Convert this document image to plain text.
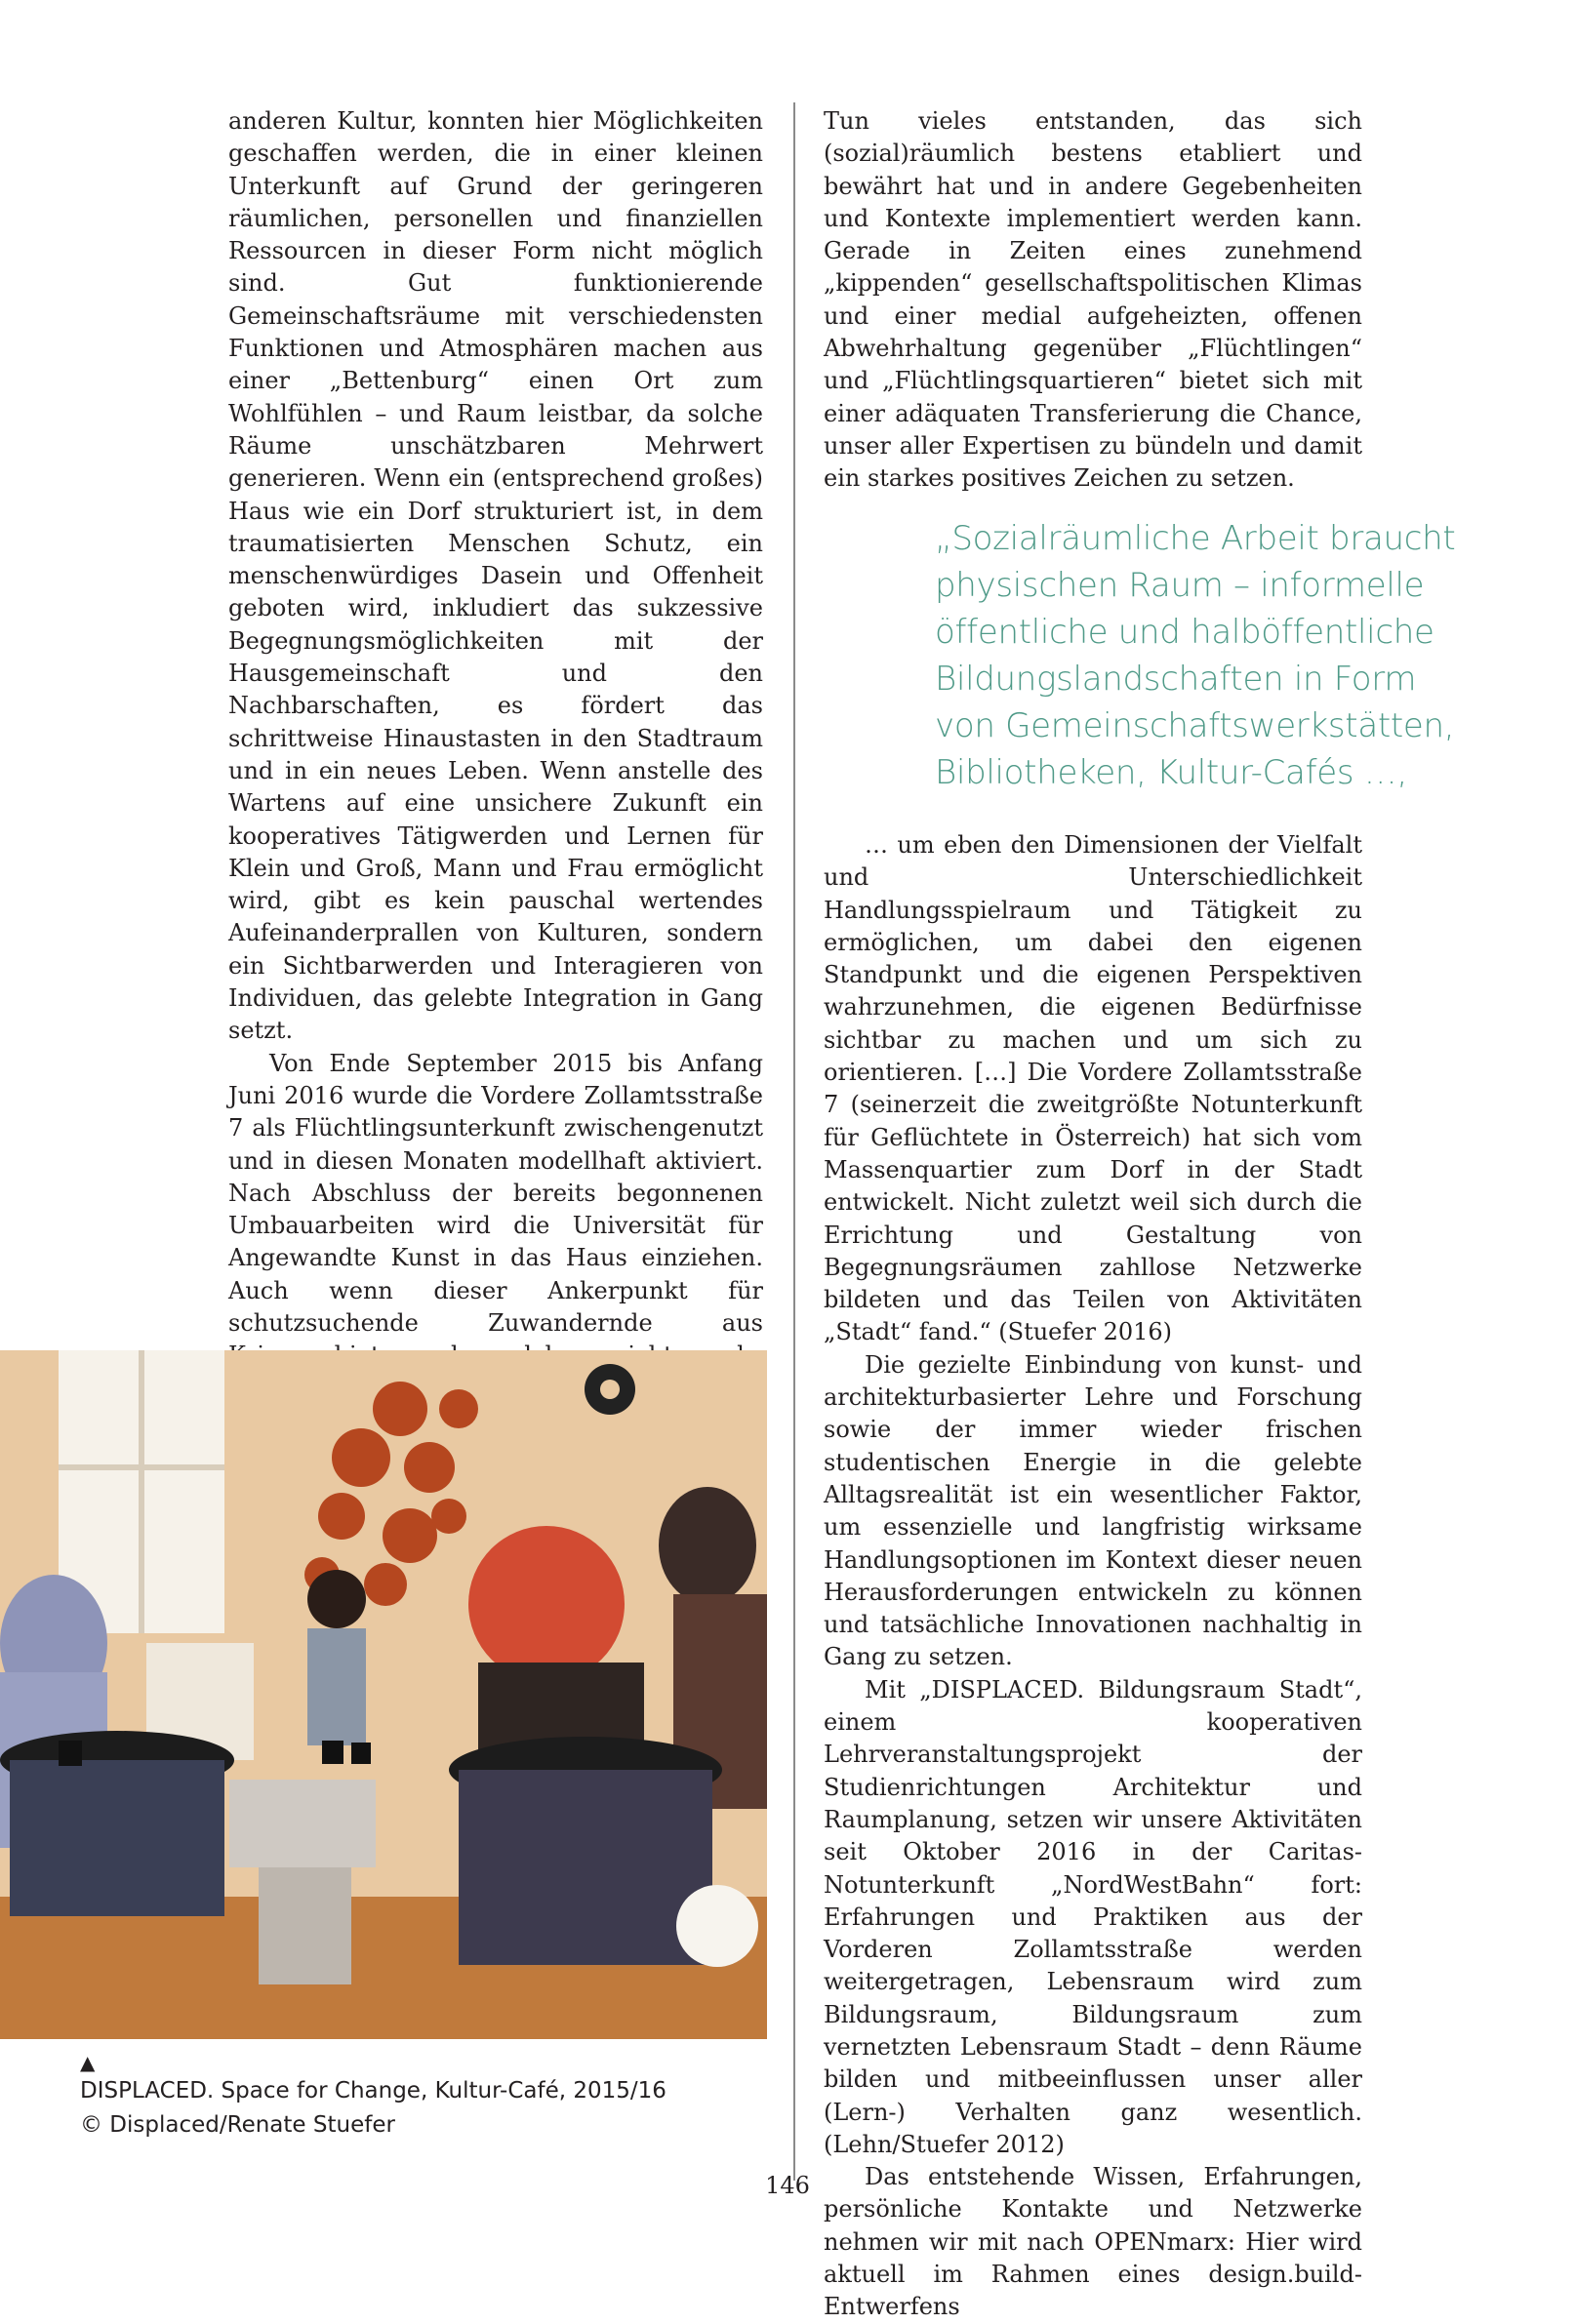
anderen Kultur, konnten hier Möglichkeiten geschaffen werden, die in einer kleinen Unterkunft auf Grund der geringeren räumlichen, personellen und finanziellen Ressourcen in dieser Form nicht möglich sind. Gut funktionierende Gemeinschaftsräume mit verschiedensten Funktionen und Atmosphären machen aus einer „Bettenburg“ einen Ort zum Wohlfühlen – und Raum leistbar, da solche Räume unschätzbaren Mehrwert generieren. Wenn ein (entsprechend großes) Haus wie ein Dorf strukturiert ist, in dem traumatisierten Menschen Schutz, ein menschenwürdiges Dasein und Offenheit geboten wird, inkludiert das sukzessive Begegnungsmöglichkeiten mit der Hausgemeinschaft und den Nachbarschaften, es fördert das schrittweise Hinaustasten in den Stadtraum und in ein neues Leben. Wenn anstelle des Wartens auf eine unsichere Zukunft ein kooperatives Tätigwerden und Lernen für Klein und Groß, Mann und Frau ermöglicht wird, gibt es kein pauschal wertendes Aufeinanderprallen von Kulturen, sondern ein Sichtbarwerden und Interagieren von Individuen, das gelebte Integration in Gang setzt.

Von Ende September 2015 bis Anfang Juni 2016 wurde die Vordere Zollamtsstraße 7 als Flüchtlingsunterkunft zwischengenutzt und in diesen Monaten modellhaft aktiviert. Nach Abschluss der bereits begonnenen Umbauarbeiten wird die Universität für Angewandte Kunst in das Haus einziehen. Auch wenn dieser Ankerpunkt für schutzsuchende Zuwandernde aus

Tun vieles entstanden, das sich (sozial)räumlich bestens etabliert und bewährt hat und in andere Gegebenheiten und Kontexte implementiert werden kann. Gerade in Zeiten eines zunehmend „kippenden“ gesellschaftspolitischen Klimas und einer medial aufgeheizten, offenen Abwehrhaltung gegenüber „Flüchtlingen“ und „Flüchtlingsquartieren“ bietet sich mit einer adäquaten Transferierung die Chance, unser aller Expertisen zu bündeln und damit ein starkes positives Zeichen zu setzen.

„Sozialräumliche Arbeit braucht
physischen Raum – informelle
öffentliche und halböffentliche
Bildungslandschaften in Form
von Gemeinschaftswerkstätten,
Bibliotheken, Kultur-Cafés …,

… um eben den Dimensionen der Vielfalt und Unterschiedlichkeit Handlungsspielraum und Tätigkeit zu ermöglichen, um dabei den eigenen Standpunkt und die eigenen Perspektiven wahrzunehmen, die eigenen Bedürfnisse sichtbar zu machen und um sich zu orientieren. […] Die Vordere Zollamtsstraße 7 (seinerzeit die zweitgrößte Notunterkunft für Geflüchtete in Österreich) hat sich vom Massenquartier zum Dorf in der Stadt entwickelt. Nicht zuletzt weil sich durch die Errichtung und Gestaltung von Begegnungsräumen zahllose Netzwerke bildeten und das Teilen von Aktivitäten „Stadt“ fand.“ (Stuefer 2016)

Die gezielte Einbindung von kunst- und architekturbasierter Lehre und Forschung sowie der immer wieder frischen studentischen Energie in die gelebte Alltagsrealität ist ein wesentlicher Faktor, um essenzielle und langfristig wirksame Handlungsoptionen im Kontext dieser neuen Herausforderungen entwickeln zu können und tatsächliche Innovationen nachhaltig in Gang zu setzen.

Mit „DISPLACED. Bildungsraum Stadt“, einem kooperativen Lehrveranstaltungsprojekt der Studienrichtungen Architektur und Raumplanung, setzen wir unsere Aktivitäten seit Oktober 2016 in der Caritas-Notunterkunft „NordWestBahn“ fort: Erfahrungen und Praktiken aus der Vorderen Zollamtsstraße werden weitergetragen, Lebensraum wird zum Bildungsraum, Bildungsraum zum vernetzten Lebensraum Stadt – denn Räume bilden und mitbeeinflussen unser aller (Lern-) Verhalten ganz wesentlich. (Lehn/Stuefer 2012)

Das entstehende Wissen, Erfahrungen, persönliche Kontakte und Netzwerke nehmen wir mit nach OPENmarx: Hier wird aktuell im Rahmen eines design.build-Entwerfens

▲
DISPLACED. Space for Change, Kultur-Café, 2015/16
© Displaced/Renate Stuefer
146
